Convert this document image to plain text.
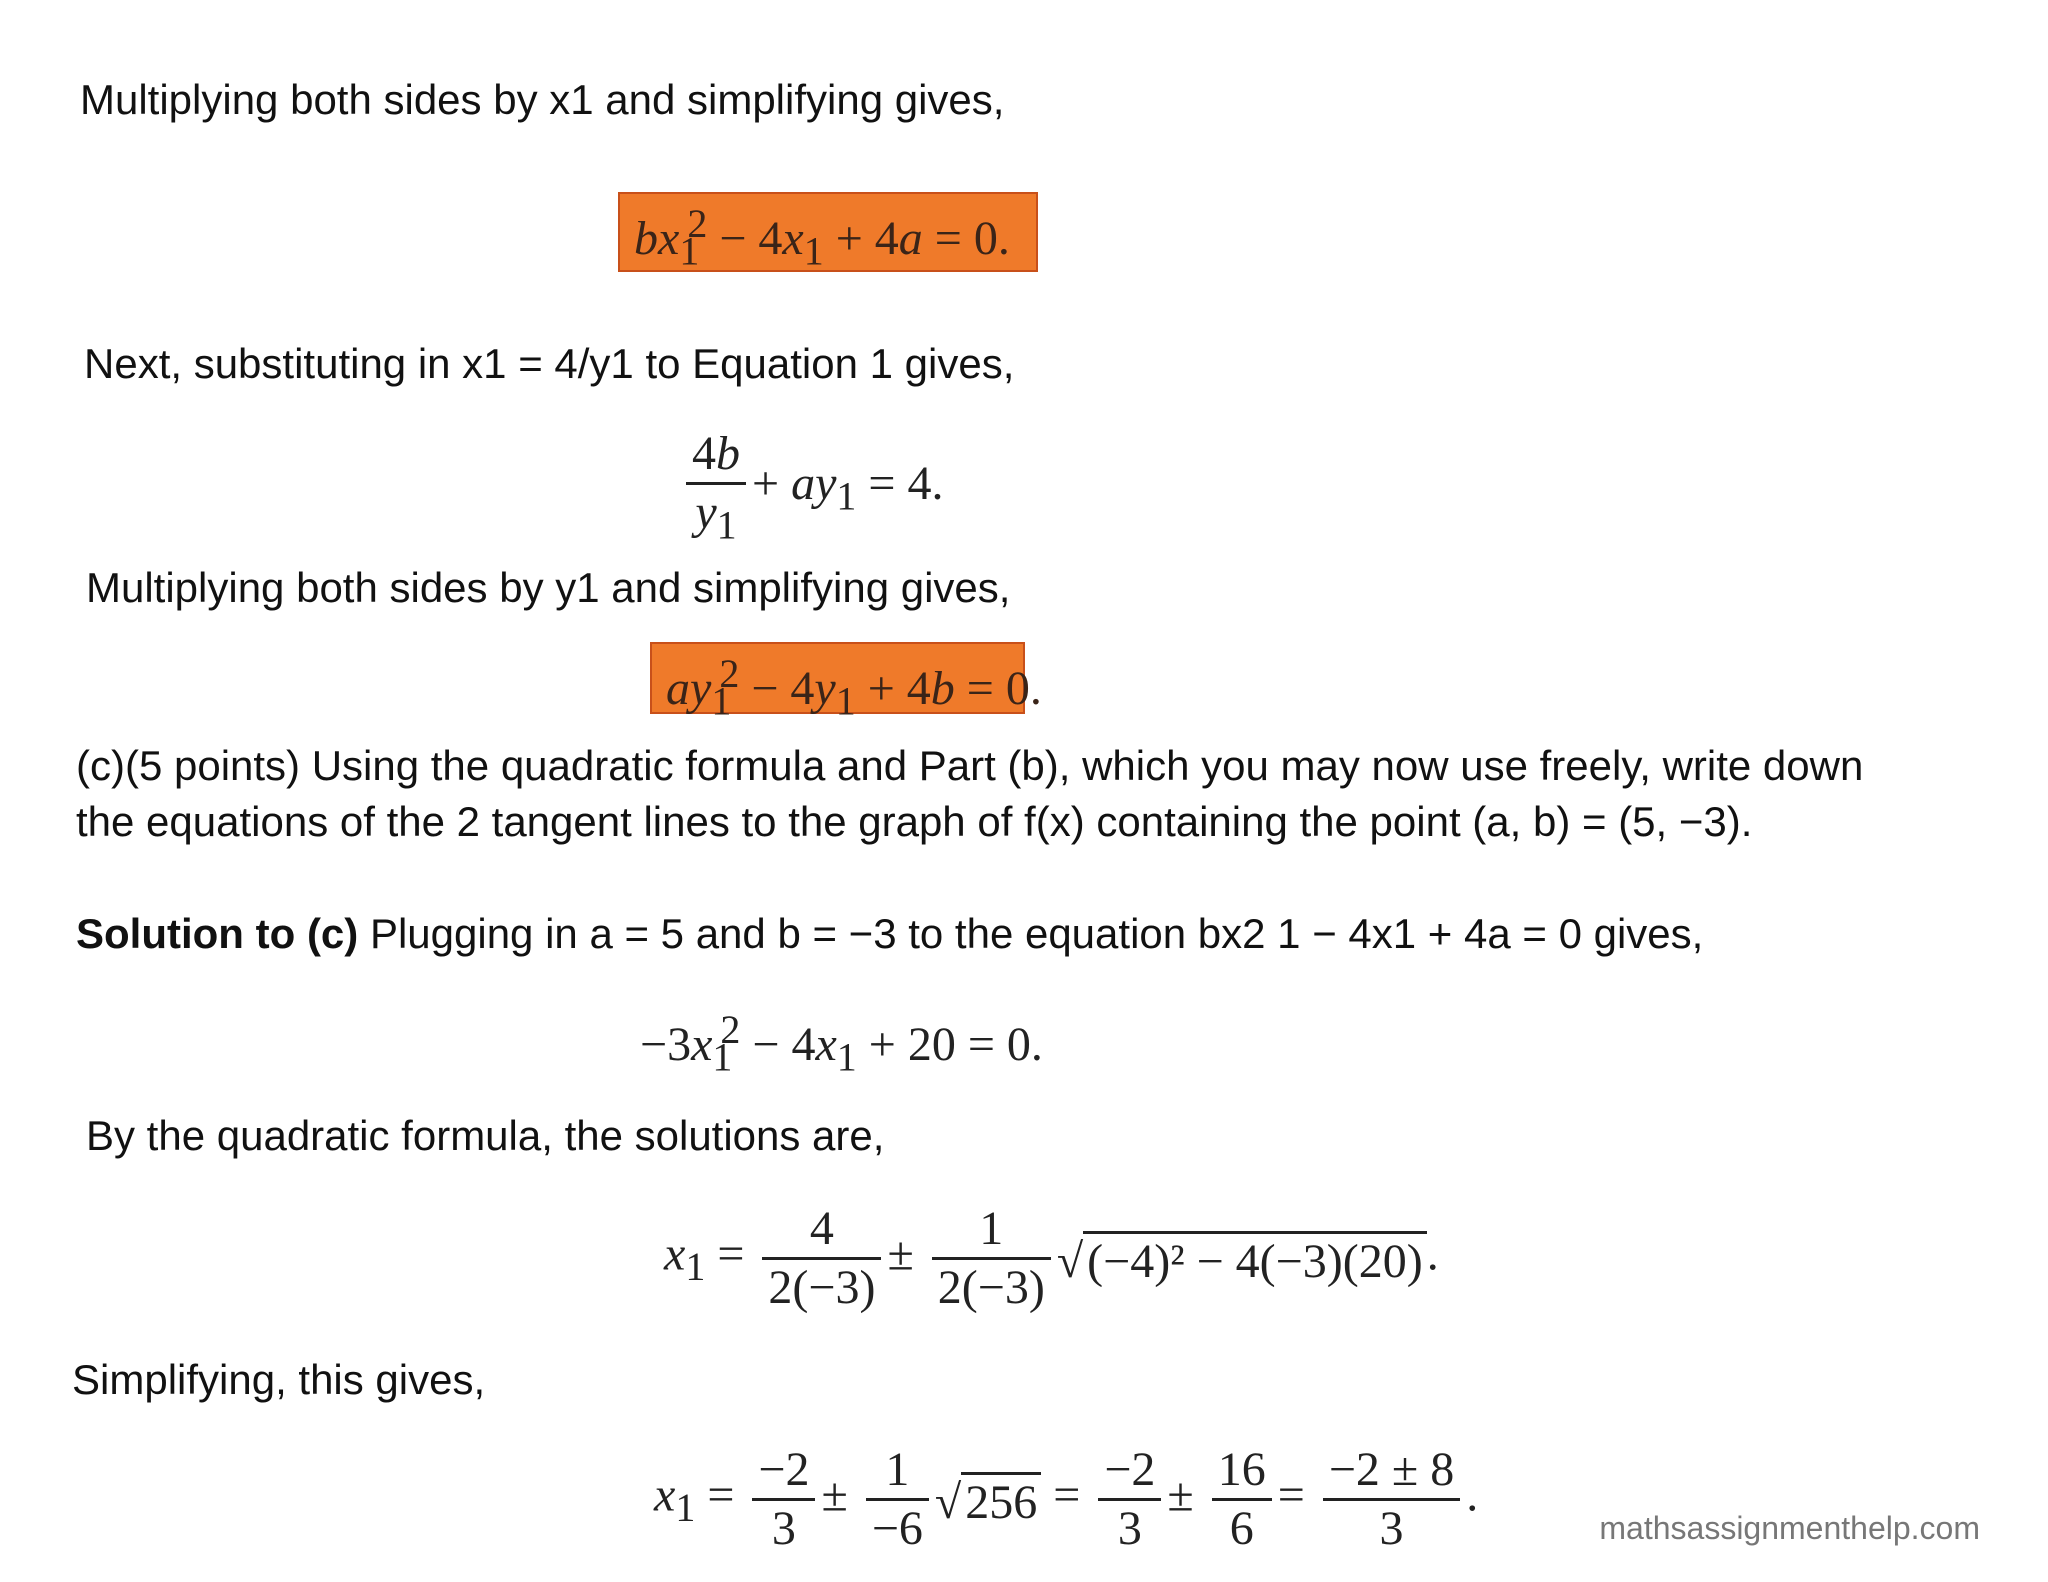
Multiplying both sides by x1 and simplifying gives,

$bx_1^2 - 4x_1 + 4a = 0$.

Next, substituting in x1 = 4/y1 to Equation 1 gives,

$\frac{4b}{y_1} + ay_1 = 4$.

Multiplying both sides by y1 and simplifying gives,

$ay_1^2 - 4y_1 + 4b = 0$.

(c)(5 points) Using the quadratic formula and Part (b), which you may now use freely, write down

the equations of the 2 tangent lines to the graph of f(x) containing the point (a, b) = (5, −3).

Solution to (c) Plugging in a = 5 and b = −3 to the equation bx2 1 − 4x1 + 4a = 0 gives,

$-3x_1^2 - 4x_1 + 20 = 0$.

By the quadratic formula, the solutions are,

$x_1 = \frac{4}{2(-3)} \pm \frac{1}{2(-3)} √(-4)^2 - 4(-3)(20)$.

Simplifying, this gives,

$x_1 = \frac{-2}{3} \pm \frac{1}{-6} √256 = \frac{-2}{3} \pm \frac{16}{6} = \frac{-2 \pm 8}{3}$ .
mathsassignmenthelp.com
